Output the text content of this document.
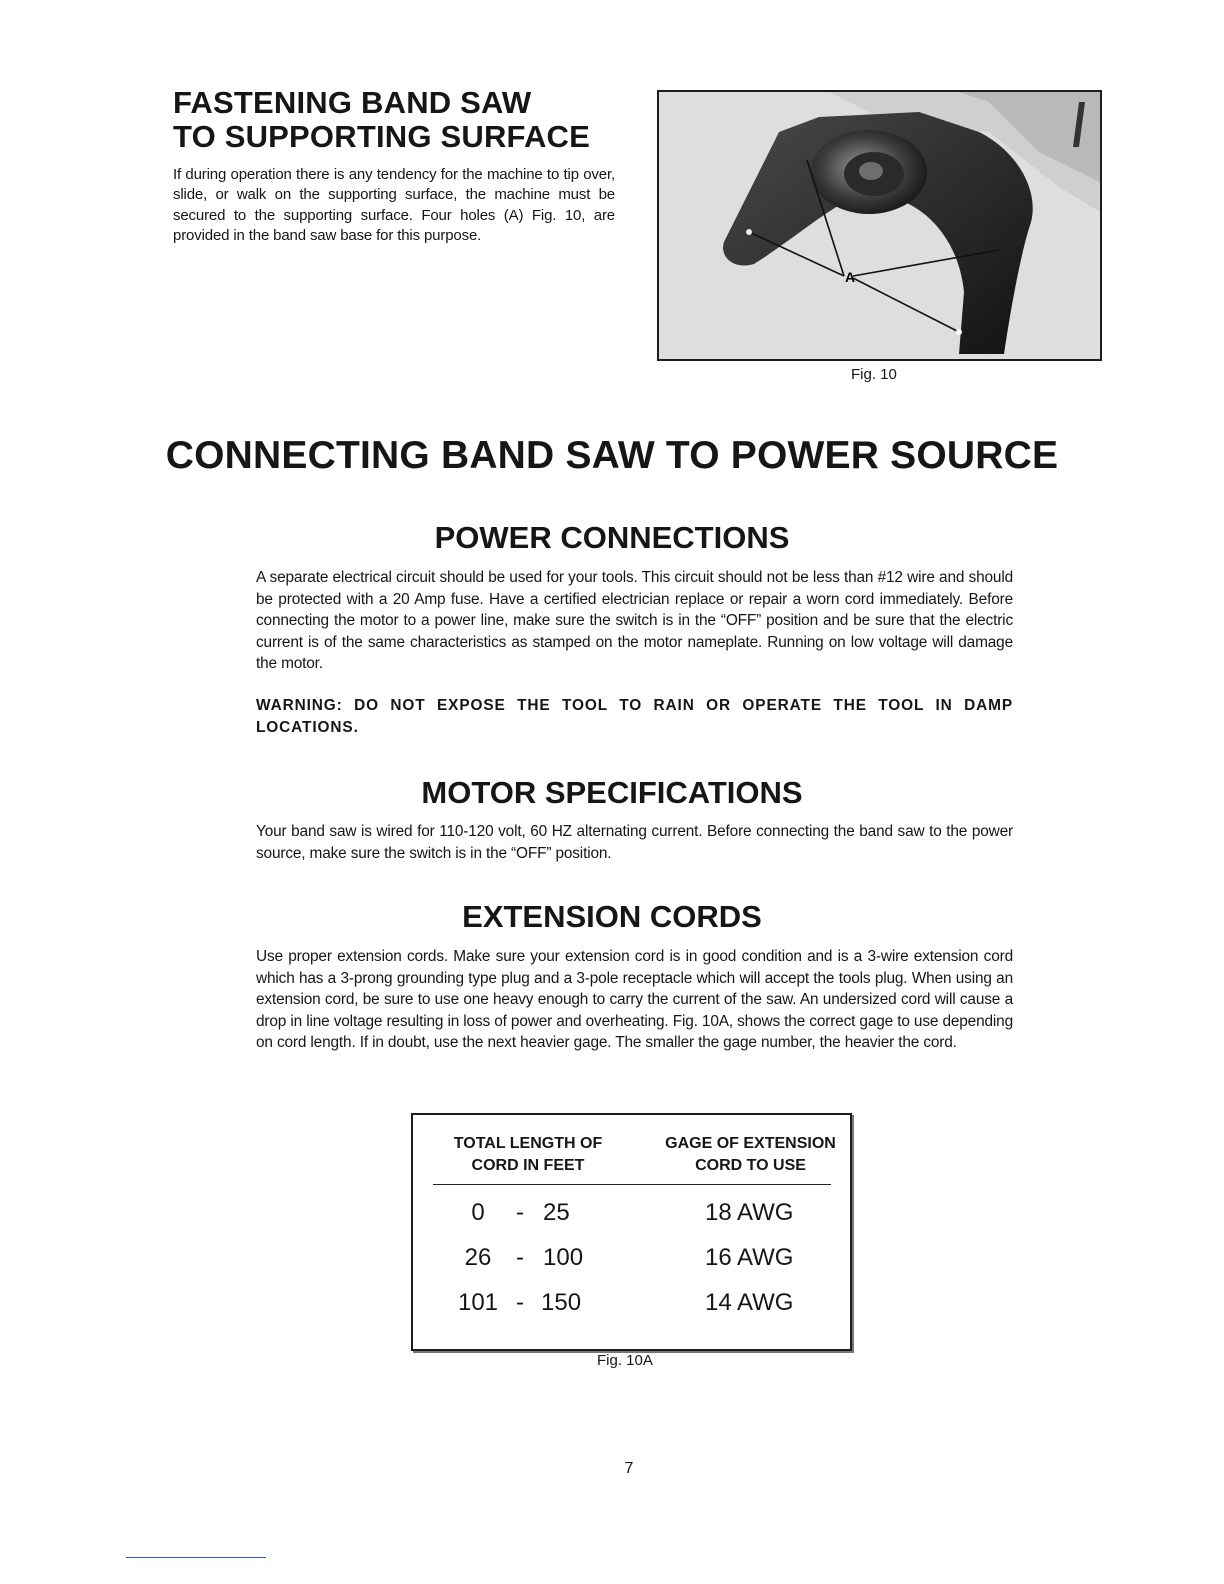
FASTENING BAND SAW
TO SUPPORTING SURFACE

If during operation there is any tendency for the machine to tip over, slide, or walk on the supporting surface, the machine must be secured to the supporting surface. Four holes (A) Fig. 10, are provided in the band saw base for this purpose.

A
Fig. 10
CONNECTING BAND SAW TO POWER SOURCE
POWER CONNECTIONS

A separate electrical circuit should be used for your tools. This circuit should not be less than #12 wire and should be protected with a 20 Amp fuse. Have a certified electrician replace or repair a worn cord immediately. Before connecting the motor to a power line, make sure the switch is in the “OFF” position and be sure that the electric current is of the same characteristics as stamped on the motor nameplate. Running on low voltage will damage the motor.

WARNING: DO NOT EXPOSE THE TOOL TO RAIN OR OPERATE THE TOOL IN DAMP LOCATIONS.

MOTOR SPECIFICATIONS

Your band saw is wired for 110-120 volt, 60 HZ alternating current. Before connecting the band saw to the power source, make sure the switch is in the “OFF” position.

EXTENSION CORDS

Use proper extension cords. Make sure your extension cord is in good condition and is a 3-wire extension cord which has a 3-prong grounding type plug and a 3-pole receptacle which will accept the tools plug. When using an extension cord, be sure to use one heavy enough to carry the current of the saw. An undersized cord will cause a drop in line voltage resulting in loss of power and overheating. Fig. 10A, shows the correct gage to use depending on cord length. If in doubt, use the next heavier gage. The smaller the gage number, the heavier the cord.

TOTAL LENGTH OF
CORD IN FEET
GAGE OF EXTENSION
CORD TO USE
0	- 25	18 AWG
26	- 100	16 AWG
101 - 150	14 AWG
Fig. 10A
7
